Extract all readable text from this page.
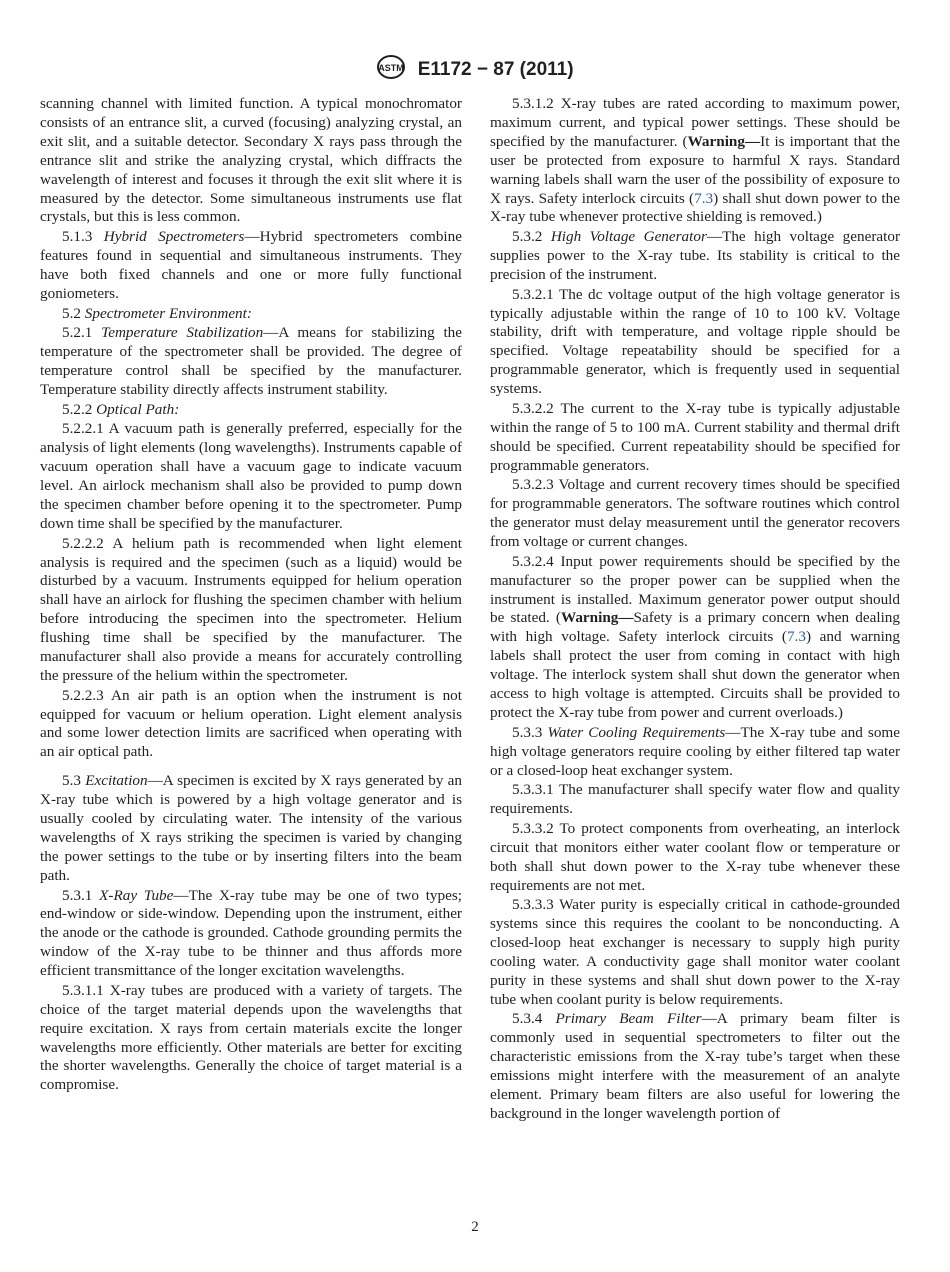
ASTM E1172 − 87 (2011)

scanning channel with limited function. A typical monochromator consists of an entrance slit, a curved (focusing) analyzing crystal, an exit slit, and a suitable detector. Secondary X rays pass through the entrance slit and strike the analyzing crystal, which diffracts the wavelength of interest and focuses it through the exit slit where it is measured by the detector. Some simultaneous instruments use flat crystals, but this is less common.

5.1.3 Hybrid Spectrometers—Hybrid spectrometers combine features found in sequential and simultaneous instruments. They have both fixed channels and one or more fully functional goniometers.

5.2 Spectrometer Environment:

5.2.1 Temperature Stabilization—A means for stabilizing the temperature of the spectrometer shall be provided. The degree of temperature control shall be specified by the manufacturer. Temperature stability directly affects instrument stability.

5.2.2 Optical Path:

5.2.2.1 A vacuum path is generally preferred, especially for the analysis of light elements (long wavelengths). Instruments capable of vacuum operation shall have a vacuum gage to indicate vacuum level. An airlock mechanism shall also be provided to pump down the specimen chamber before opening it to the spectrometer. Pump down time shall be specified by the manufacturer.

5.2.2.2 A helium path is recommended when light element analysis is required and the specimen (such as a liquid) would be disturbed by a vacuum. Instruments equipped for helium operation shall have an airlock for flushing the specimen chamber with helium before introducing the specimen into the spectrometer. Helium flushing time shall be specified by the manufacturer. The manufacturer shall also provide a means for accurately controlling the pressure of the helium within the spectrometer.

5.2.2.3 An air path is an option when the instrument is not equipped for vacuum or helium operation. Light element analysis and some lower detection limits are sacrificed when operating with an air optical path.

5.3 Excitation—A specimen is excited by X rays generated by an X-ray tube which is powered by a high voltage generator and is usually cooled by circulating water. The intensity of the various wavelengths of X rays striking the specimen is varied by changing the power settings to the tube or by inserting filters into the beam path.

5.3.1 X-Ray Tube—The X-ray tube may be one of two types; end-window or side-window. Depending upon the instrument, either the anode or the cathode is grounded. Cathode grounding permits the window of the X-ray tube to be thinner and thus affords more efficient transmittance of the longer excitation wavelengths.

5.3.1.1 X-ray tubes are produced with a variety of targets. The choice of the target material depends upon the wavelengths that require excitation. X rays from certain materials excite the longer wavelengths more efficiently. Other materials are better for exciting the shorter wavelengths. Generally the choice of target material is a compromise.

5.3.1.2 X-ray tubes are rated according to maximum power, maximum current, and typical power settings. These should be specified by the manufacturer. (Warning—It is important that the user be protected from exposure to harmful X rays. Standard warning labels shall warn the user of the possibility of exposure to X rays. Safety interlock circuits (7.3) shall shut down power to the X-ray tube whenever protective shielding is removed.)

5.3.2 High Voltage Generator—The high voltage generator supplies power to the X-ray tube. Its stability is critical to the precision of the instrument.

5.3.2.1 The dc voltage output of the high voltage generator is typically adjustable within the range of 10 to 100 kV. Voltage stability, drift with temperature, and voltage ripple should be specified. Voltage repeatability should be specified for a programmable generator, which is frequently used in sequential systems.

5.3.2.2 The current to the X-ray tube is typically adjustable within the range of 5 to 100 mA. Current stability and thermal drift should be specified. Current repeatability should be specified for programmable generators.

5.3.2.3 Voltage and current recovery times should be specified for programmable generators. The software routines which control the generator must delay measurement until the generator recovers from voltage or current changes.

5.3.2.4 Input power requirements should be specified by the manufacturer so the proper power can be supplied when the instrument is installed. Maximum generator power output should be stated. (Warning—Safety is a primary concern when dealing with high voltage. Safety interlock circuits (7.3) and warning labels shall protect the user from coming in contact with high voltage. The interlock system shall shut down the generator when access to high voltage is attempted. Circuits shall be provided to protect the X-ray tube from power and current overloads.)

5.3.3 Water Cooling Requirements—The X-ray tube and some high voltage generators require cooling by either filtered tap water or a closed-loop heat exchanger system.

5.3.3.1 The manufacturer shall specify water flow and quality requirements.

5.3.3.2 To protect components from overheating, an interlock circuit that monitors either water coolant flow or temperature or both shall shut down power to the X-ray tube whenever these requirements are not met.

5.3.3.3 Water purity is especially critical in cathode-grounded systems since this requires the coolant to be nonconducting. A closed-loop heat exchanger is necessary to supply high purity cooling water. A conductivity gage shall monitor water coolant purity in these systems and shall shut down power to the X-ray tube when coolant purity is below requirements.

5.3.4 Primary Beam Filter—A primary beam filter is commonly used in sequential spectrometers to filter out the characteristic emissions from the X-ray tube’s target when these emissions might interfere with the measurement of an analyte element. Primary beam filters are also useful for lowering the background in the longer wavelength portion of

2
